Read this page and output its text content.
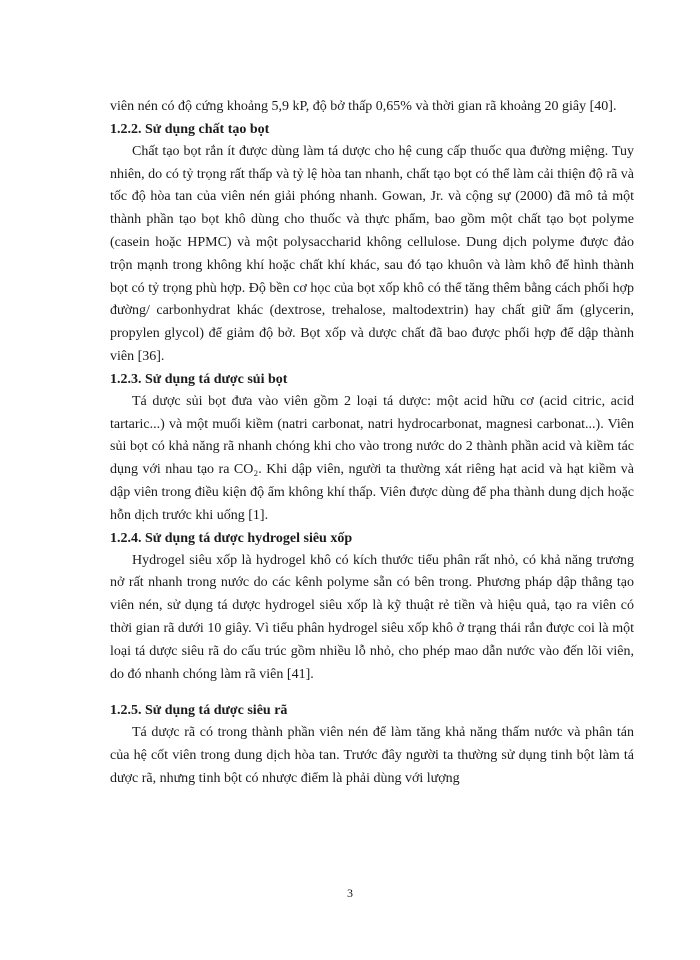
viên nén có độ cứng khoảng 5,9 kP, độ bở thấp 0,65% và thời gian rã khoảng 20 giây [40].

1.2.2. Sử dụng chất tạo bọt

Chất tạo bọt rắn ít được dùng làm tá dược cho hệ cung cấp thuốc qua đường miệng. Tuy nhiên, do có tỷ trọng rất thấp và tỷ lệ hòa tan nhanh, chất tạo bọt có thể làm cải thiện độ rã và tốc độ hòa tan của viên nén giải phóng nhanh. Gowan, Jr. và cộng sự (2000) đã mô tả một thành phần tạo bọt khô dùng cho thuốc và thực phẩm, bao gồm một chất tạo bọt polyme (casein hoặc HPMC) và một polysaccharid không cellulose. Dung dịch polyme được đảo trộn mạnh trong không khí hoặc chất khí khác, sau đó tạo khuôn và làm khô để hình thành bọt có tỷ trọng phù hợp. Độ bền cơ học của bọt xốp khô có thể tăng thêm bằng cách phối hợp đường/ carbonhydrat khác (dextrose, trehalose, maltodextrin) hay chất giữ ẩm (glycerin, propylen glycol) để giảm độ bở. Bọt xốp và dược chất đã bao được phối hợp để dập thành viên [36].

1.2.3. Sử dụng tá dược sủi bọt

Tá dược sủi bọt đưa vào viên gồm 2 loại tá dược: một acid hữu cơ (acid citric, acid tartaric...) và một muối kiềm (natri carbonat, natri hydrocarbonat, magnesi carbonat...). Viên sủi bọt có khả năng rã nhanh chóng khi cho vào trong nước do 2 thành phần acid và kiềm tác dụng với nhau tạo ra CO₂. Khi dập viên, người ta thường xát riêng hạt acid và hạt kiềm và dập viên trong điều kiện độ ẩm không khí thấp. Viên được dùng để pha thành dung dịch hoặc hỗn dịch trước khi uống [1].

1.2.4. Sử dụng tá dược hydrogel siêu xốp

Hydrogel siêu xốp là hydrogel khô có kích thước tiểu phân rất nhỏ, có khả năng trương nở rất nhanh trong nước do các kênh polyme sẵn có bên trong. Phương pháp dập thẳng tạo viên nén, sử dụng tá dược hydrogel siêu xốp là kỹ thuật rẻ tiền và hiệu quả, tạo ra viên có thời gian rã dưới 10 giây. Vì tiểu phân hydrogel siêu xốp khô ở trạng thái rắn được coi là một loại tá dược siêu rã do cấu trúc gồm nhiều lỗ nhỏ, cho phép mao dẫn nước vào đến lõi viên, do đó nhanh chóng làm rã viên [41].

1.2.5. Sử dụng tá dược siêu rã

Tá dược rã có trong thành phần viên nén để làm tăng khả năng thấm nước và phân tán của hệ cốt viên trong dung dịch hòa tan. Trước đây người ta thường sử dụng tinh bột làm tá dược rã, nhưng tinh bột có nhược điểm là phải dùng với lượng

3
